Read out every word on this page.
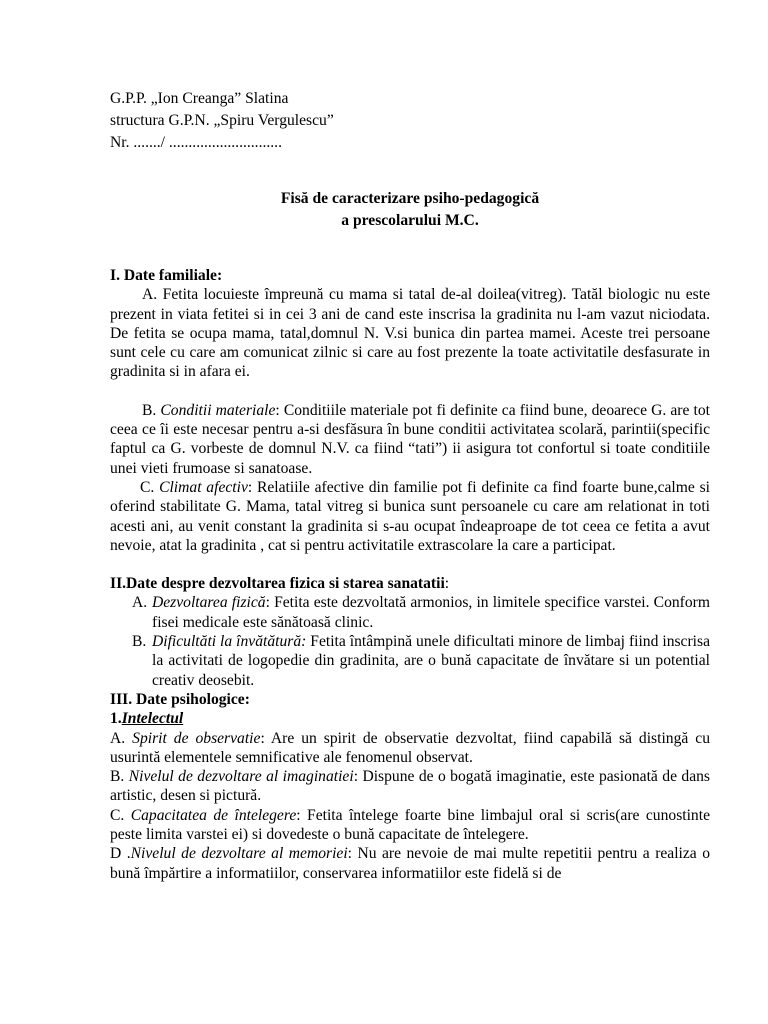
G.P.P. „Ion Creanga” Slatina
structura G.P.N. „Spiru Vergulescu”
Nr. ......./ .............................
Fisă de caracterizare psiho-pedagogică
a prescolarului M.C.

I. Date familiale:

A. Fetita locuieste împreună cu mama si tatal de-al doilea(vitreg). Tatăl biologic nu este prezent in viata fetitei si in cei 3 ani de cand este inscrisa la gradinita nu l-am vazut niciodata. De fetita se ocupa mama, tatal,domnul N. V.si bunica din partea mamei. Aceste trei persoane sunt cele cu care am comunicat zilnic si care au fost prezente la toate activitatile desfasurate in gradinita si in afara ei.

B. Conditii materiale: Conditiile materiale pot fi definite ca fiind bune, deoarece G. are tot ceea ce îi este necesar pentru a-si desfăsura în bune conditii activitatea scolară, parintii(specific faptul ca G. vorbeste de domnul N.V. ca fiind “tati”) ii asigura tot confortul si toate conditiile unei vieti frumoase si sanatoase.

C. Climat afectiv: Relatiile afective din familie pot fi definite ca find foarte bune,calme si oferind stabilitate G. Mama, tatal vitreg si bunica sunt persoanele cu care am relationat in toti acesti ani, au venit constant la gradinita si s-au ocupat îndeaproape de tot ceea ce fetita a avut nevoie, atat la gradinita , cat si pentru activitatile extrascolare la care a participat.

II.Date despre dezvoltarea fizica si starea sanatatii:

A. Dezvoltarea fizică: Fetita este dezvoltată armonios, in limitele specifice varstei. Conform fisei medicale este sănătoasă clinic.
B. Dificultăti la învătătură: Fetita întâmpină unele dificultati minore de limbaj fiind inscrisa la activitati de logopedie din gradinita, are o bună capacitate de învătare si un potential creativ deosebit.

III. Date psihologice:

1.Intelectul

A. Spirit de observatie: Are un spirit de observatie dezvoltat, fiind capabilă să distingă cu usurintă elementele semnificative ale fenomenul observat.

B. Nivelul de dezvoltare al imaginatiei: Dispune de o bogată imaginatie, este pasionată de dans artistic, desen si pictură.

C. Capacitatea de întelegere: Fetita întelege foarte bine limbajul oral si scris(are cunostinte peste limita varstei ei) si dovedeste o bună capacitate de întelegere.

D .Nivelul de dezvoltare al memoriei: Nu are nevoie de mai multe repetitii pentru a realiza o bună împărtire a informatiilor, conservarea informatiilor este fidelă si de
